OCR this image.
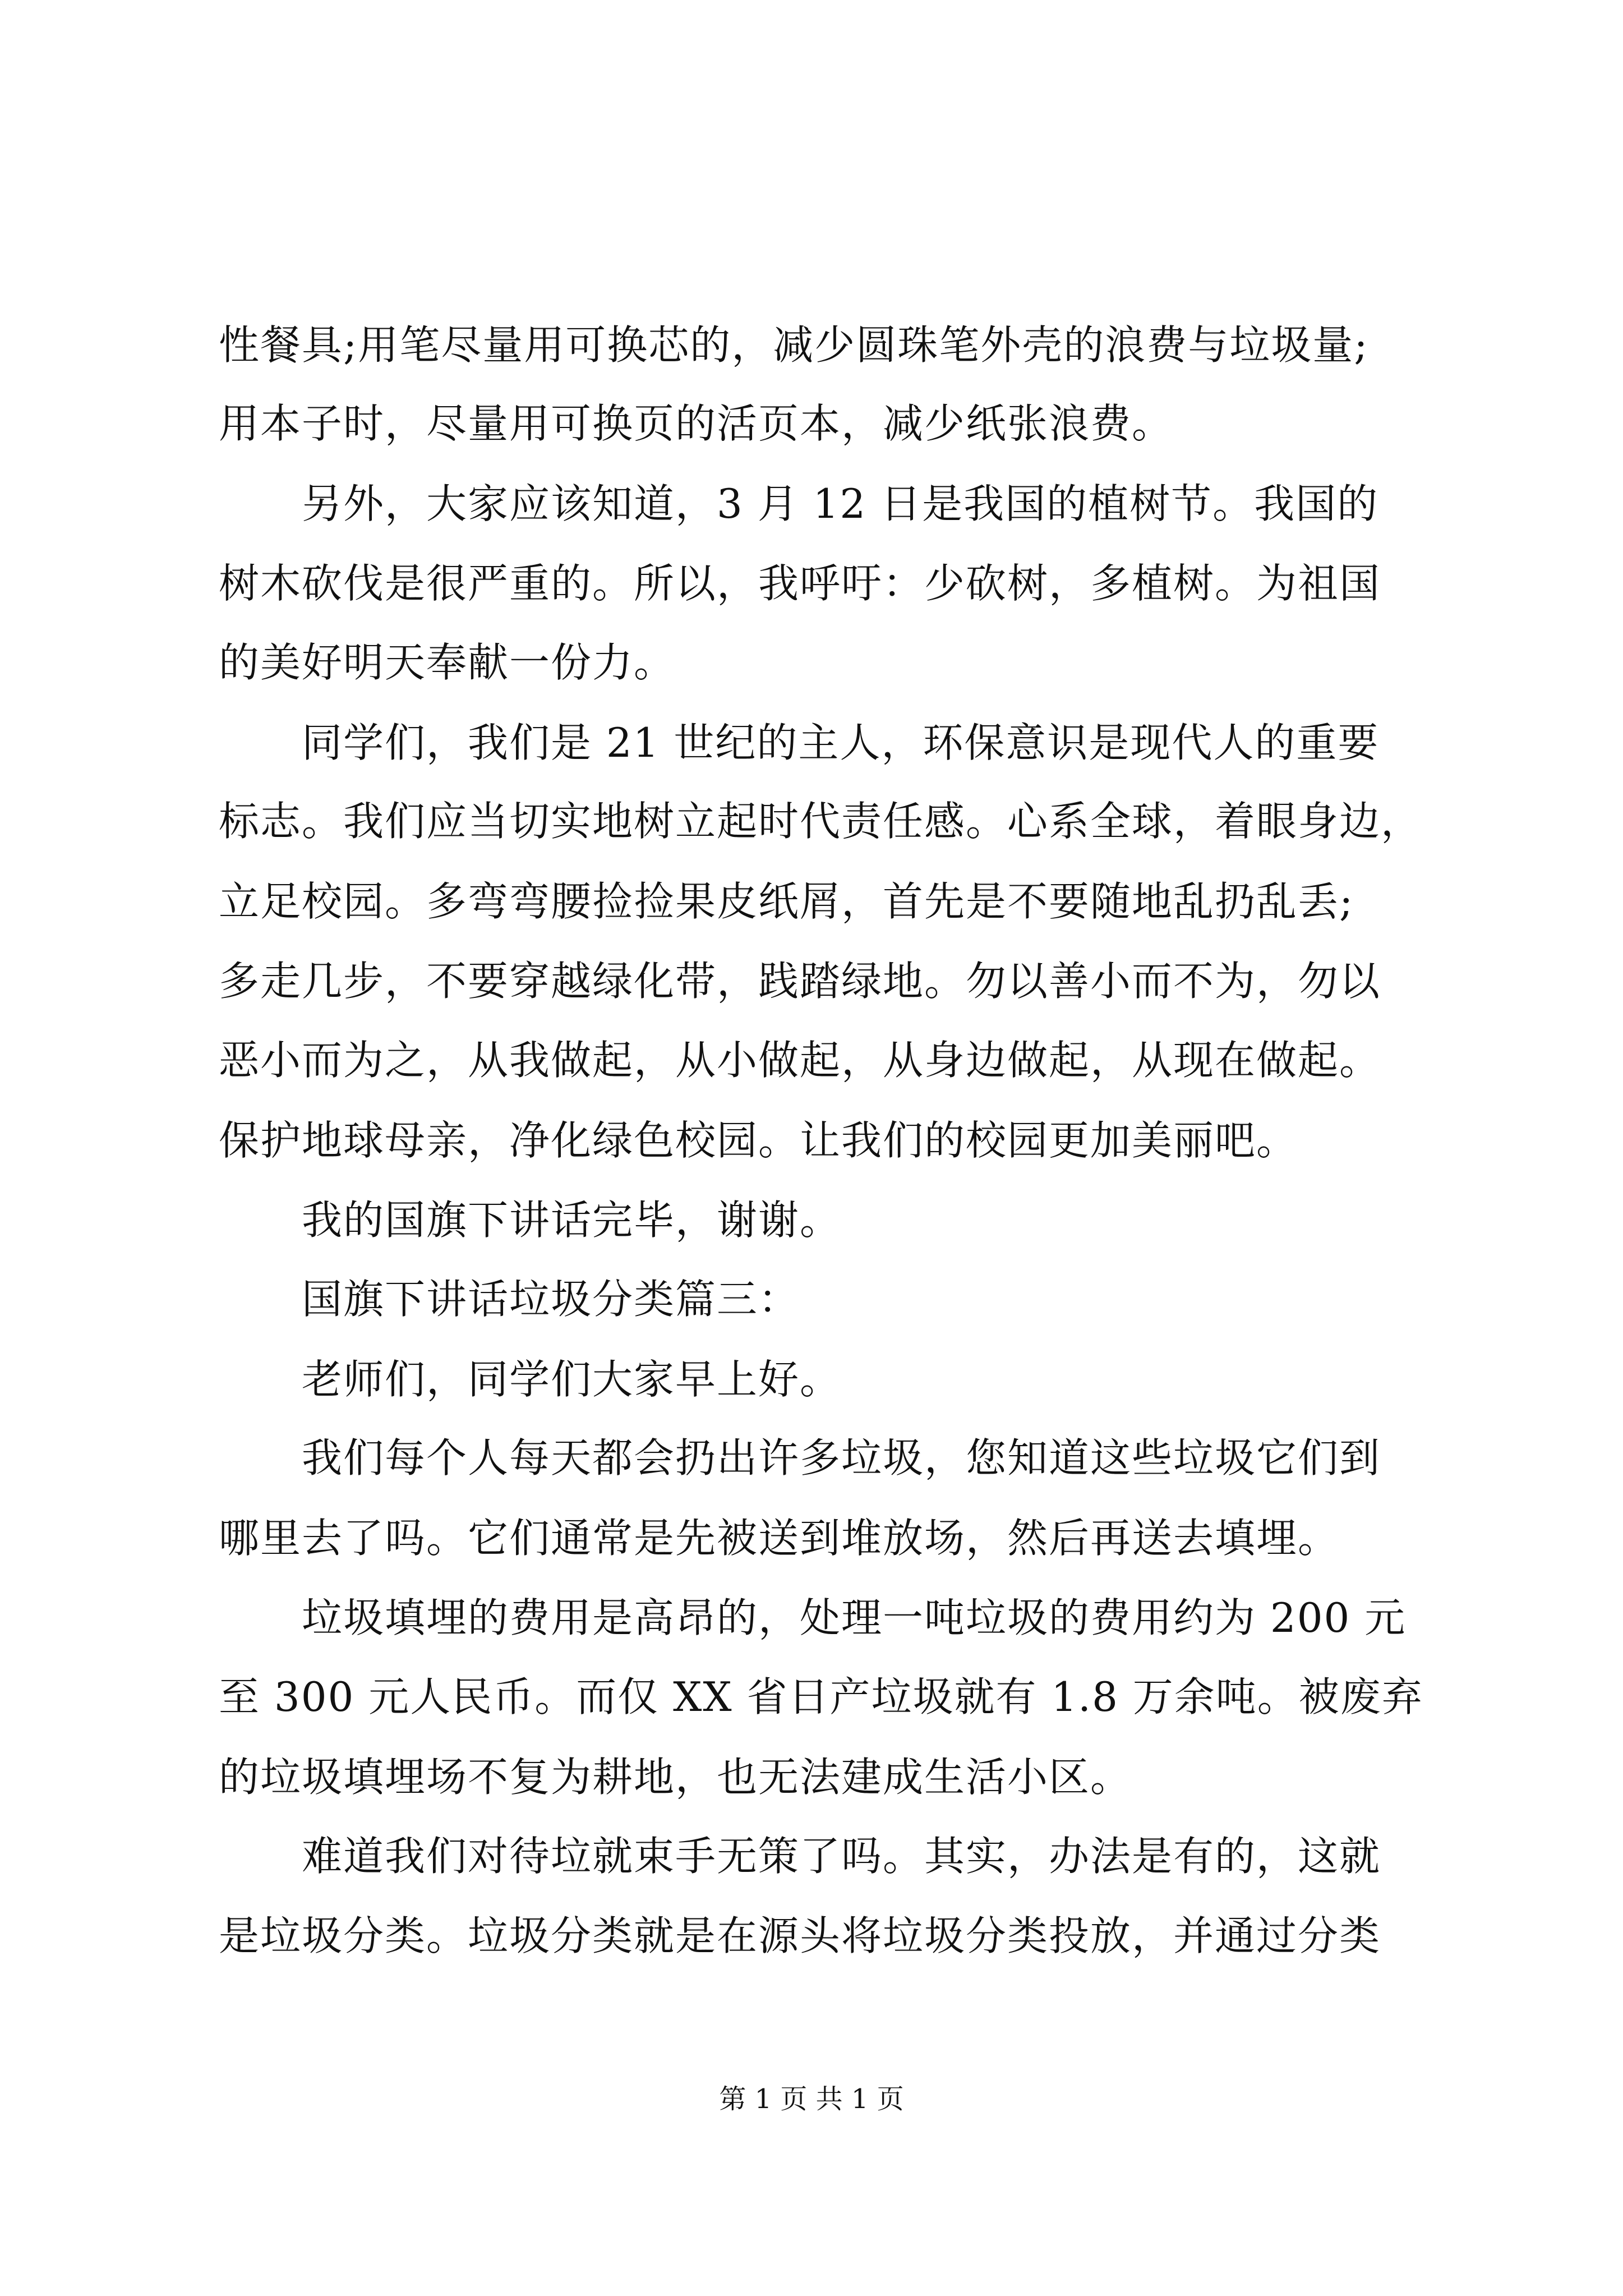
性餐具;用笔尽量用可换芯的，减少圆珠笔外壳的浪费与垃圾量;
用本子时，尽量用可换页的活页本，减少纸张浪费。
　　另外，大家应该知道，3 月 12 日是我国的植树节。我国的
树木砍伐是很严重的。所以，我呼吁：少砍树，多植树。为祖国
的美好明天奉献一份力。
　　同学们，我们是 21 世纪的主人，环保意识是现代人的重要
标志。我们应当切实地树立起时代责任感。心系全球，着眼身边，
立足校园。多弯弯腰捡捡果皮纸屑，首先是不要随地乱扔乱丢;
多走几步，不要穿越绿化带，践踏绿地。勿以善小而不为，勿以
恶小而为之，从我做起，从小做起，从身边做起，从现在做起。
保护地球母亲，净化绿色校园。让我们的校园更加美丽吧。
　　我的国旗下讲话完毕，谢谢。
　　国旗下讲话垃圾分类篇三：
　　老师们，同学们大家早上好。
　　我们每个人每天都会扔出许多垃圾，您知道这些垃圾它们到
哪里去了吗。它们通常是先被送到堆放场，然后再送去填埋。
　　垃圾填埋的费用是高昂的，处理一吨垃圾的费用约为 200 元
至 300 元人民币。而仅 XX 省日产垃圾就有 1.8 万余吨。被废弃
的垃圾填埋场不复为耕地，也无法建成生活小区。
　　难道我们对待垃就束手无策了吗。其实，办法是有的，这就
是垃圾分类。垃圾分类就是在源头将垃圾分类投放，并通过分类
第 1 页 共 1 页
